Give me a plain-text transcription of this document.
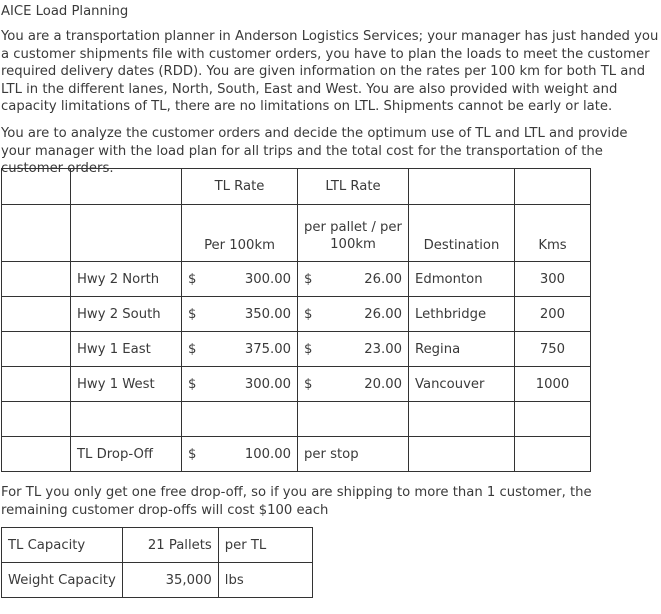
AICE Load Planning
You are a transportation planner in Anderson Logistics Services; your manager has just handed you a customer shipments file with customer orders, you have to plan the loads to meet the customer required delivery dates (RDD). You are given information on the rates per 100 km for both TL and LTL in the different lanes, North, South, East and West. You are also provided with weight and capacity limitations of TL, there are no limitations on LTL. Shipments cannot be early or late.
You are to analyze the customer orders and decide the optimum use of TL and LTL and provide your manager with the load plan for all trips and the total cost for the transportation of the customer orders.
		TL Rate	LTL Rate		
		Per 100km	per pallet / per 100km	Destination	Kms
	Hwy 2 North	$ 300.00	$ 26.00	Edmonton	300
	Hwy 2 South	$ 350.00	$ 26.00	Lethbridge	200
	Hwy 1 East	$ 375.00	$ 23.00	Regina	750
	Hwy 1 West	$ 300.00	$ 20.00	Vancouver	1000

	TL Drop-Off	$ 100.00	per stop		
For TL you only get one free drop-off, so if you are shipping to more than 1 customer, the remaining customer drop-offs will cost $100 each
TL Capacity	21 Pallets	per TL
Weight Capacity	35,000	lbs
